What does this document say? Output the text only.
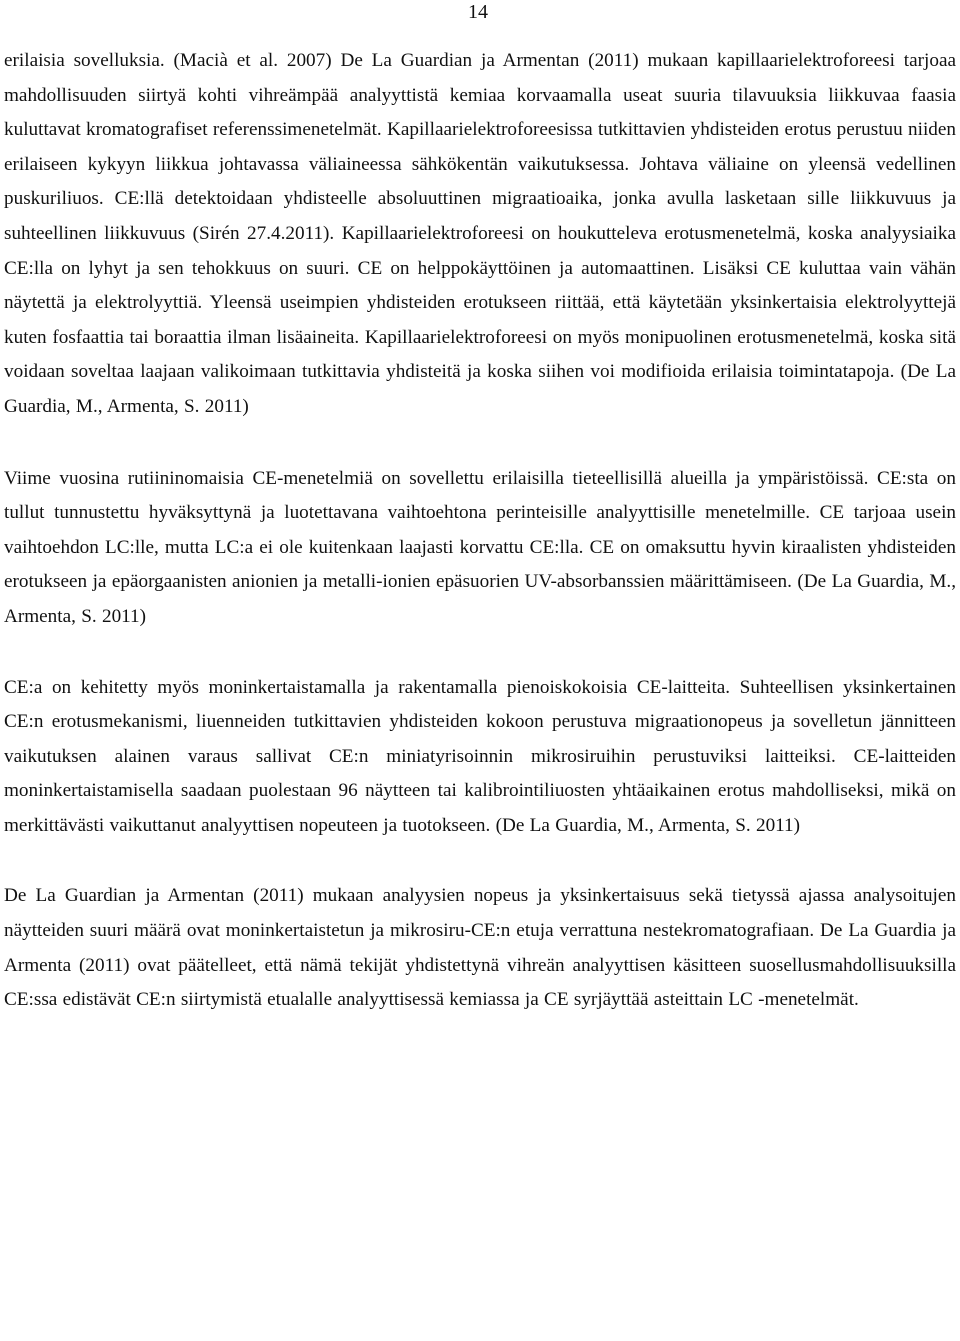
14

erilaisia sovelluksia. (Macià et al. 2007) De La Guardian ja Armentan (2011) mukaan kapillaarielektroforeesi tarjoaa mahdollisuuden siirtyä kohti vihreämpää analyyttistä kemiaa korvaamalla useat suuria tilavuuksia liikkuvaa faasia kuluttavat kromatografiset referenssimenetelmät. Kapillaarielektroforeesissa tutkittavien yhdisteiden erotus perustuu niiden erilaiseen kykyyn liikkua johtavassa väliaineessa sähkökentän vaikutuksessa. Johtava väliaine on yleensä vedellinen puskuriliuos. CE:llä detektoidaan yhdisteelle absoluuttinen migraatioaika, jonka avulla lasketaan sille liikkuvuus ja suhteellinen liikkuvuus (Sirén 27.4.2011). Kapillaarielektroforeesi on houkutteleva erotusmenetelmä, koska analyysiaika CE:lla on lyhyt ja sen tehokkuus on suuri. CE on helppokäyttöinen ja automaattinen. Lisäksi CE kuluttaa vain vähän näytettä ja elektrolyyttiä. Yleensä useimpien yhdisteiden erotukseen riittää, että käytetään yksinkertaisia elektrolyyttejä kuten fosfaattia tai boraattia ilman lisäaineita. Kapillaarielektroforeesi on myös monipuolinen erotusmenetelmä, koska sitä voidaan soveltaa laajaan valikoimaan tutkittavia yhdisteitä ja koska siihen voi modifioida erilaisia toimintatapoja. (De La Guardia, M., Armenta, S. 2011)

Viime vuosina rutiininomaisia CE-menetelmiä on sovellettu erilaisilla tieteellisillä alueilla ja ympäristöissä. CE:sta on tullut tunnustettu hyväksyttynä ja luotettavana vaihtoehtona perinteisille analyyttisille menetelmille. CE tarjoaa usein vaihtoehdon LC:lle, mutta LC:a ei ole kuitenkaan laajasti korvattu CE:lla. CE on omaksuttu hyvin kiraalisten yhdisteiden erotukseen ja epäorgaanisten anionien ja metalli-ionien epäsuorien UV-absorbanssien määrittämiseen. (De La Guardia, M., Armenta, S. 2011)

CE:a on kehitetty myös moninkertaistamalla ja rakentamalla pienoiskokoisia CE-laitteita. Suhteellisen yksinkertainen CE:n erotusmekanismi, liuenneiden tutkittavien yhdisteiden kokoon perustuva migraationopeus ja sovelletun jännitteen vaikutuksen alainen varaus sallivat CE:n miniatyrisoinnin mikrosiruihin perustuviksi laitteiksi. CE-laitteiden moninkertaistamisella saadaan puolestaan 96 näytteen tai kalibrointiliuosten yhtäaikainen erotus mahdolliseksi, mikä on merkittävästi vaikuttanut analyyttisen nopeuteen ja tuotokseen. (De La Guardia, M., Armenta, S. 2011)

De La Guardian ja Armentan (2011) mukaan analyysien nopeus ja yksinkertaisuus sekä tietyssä ajassa analysoitujen näytteiden suuri määrä ovat moninkertaistetun ja mikrosiru-CE:n etuja verrattuna nestekromatografiaan. De La Guardia ja Armenta (2011) ovat päätelleet, että nämä tekijät yhdistettynä vihreän analyyttisen käsitteen suosellusmahdollisuuksilla CE:ssa edistävät CE:n siirtymistä etualalle analyyttisessä kemiassa ja CE syrjäyttää asteittain LC -menetelmät.
